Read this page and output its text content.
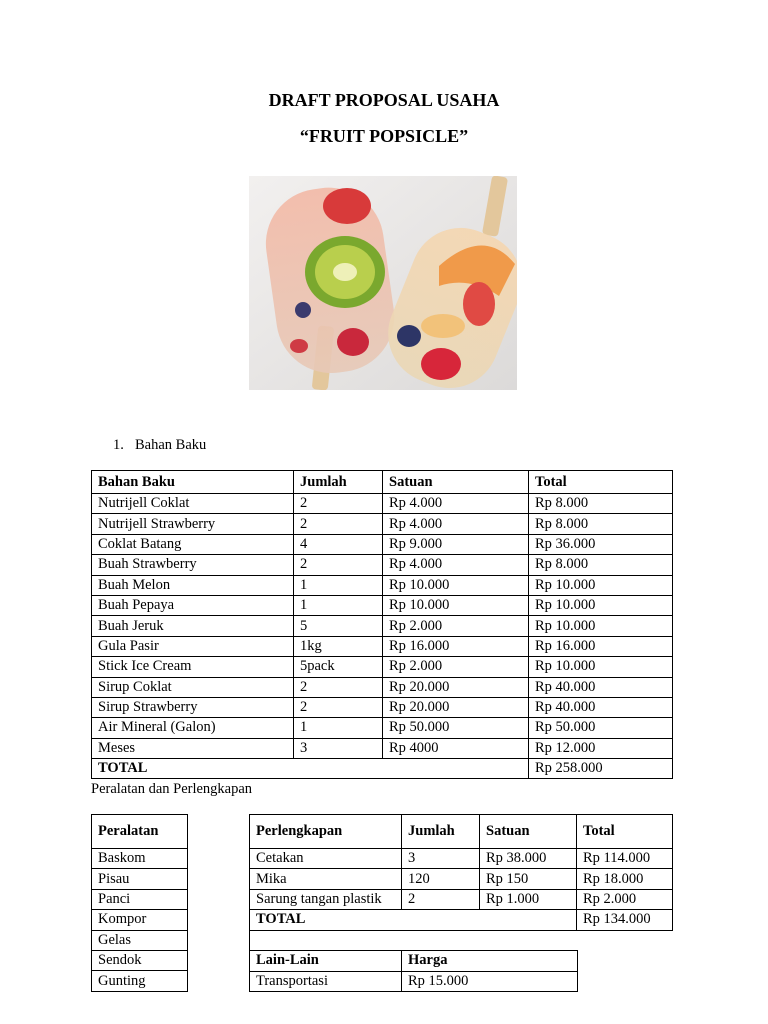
DRAFT PROPOSAL USAHA
“FRUIT POPSICLE”
1. Bahan Baku
Bahan Baku	Jumlah	Satuan	Total
Nutrijell Coklat	2	Rp 4.000	Rp 8.000
Nutrijell Strawberry	2	Rp 4.000	Rp 8.000
Coklat Batang	4	Rp 9.000	Rp 36.000
Buah Strawberry	2	Rp 4.000	Rp 8.000
Buah Melon	1	Rp 10.000	Rp 10.000
Buah Pepaya	1	Rp 10.000	Rp 10.000
Buah Jeruk	5	Rp 2.000	Rp 10.000
Gula Pasir	1kg	Rp 16.000	Rp 16.000
Stick Ice Cream	5pack	Rp 2.000	Rp 10.000
Sirup Coklat	2	Rp 20.000	Rp 40.000
Sirup Strawberry	2	Rp 20.000	Rp 40.000
Air Mineral (Galon)	1	Rp 50.000	Rp 50.000
Meses	3	Rp 4000	Rp 12.000
TOTAL			Rp 258.000
Peralatan dan Perlengkapan
Peralatan
Baskom
Pisau
Panci
Kompor
Gelas
Sendok
Gunting
Perlengkapan	Jumlah	Satuan	Total
Cetakan	3	Rp 38.000	Rp 114.000
Mika	120	Rp 150	Rp 18.000
Sarung tangan plastik	2	Rp 1.000	Rp 2.000
TOTAL			Rp 134.000
Lain-Lain	Harga
Transportasi	Rp 15.000
